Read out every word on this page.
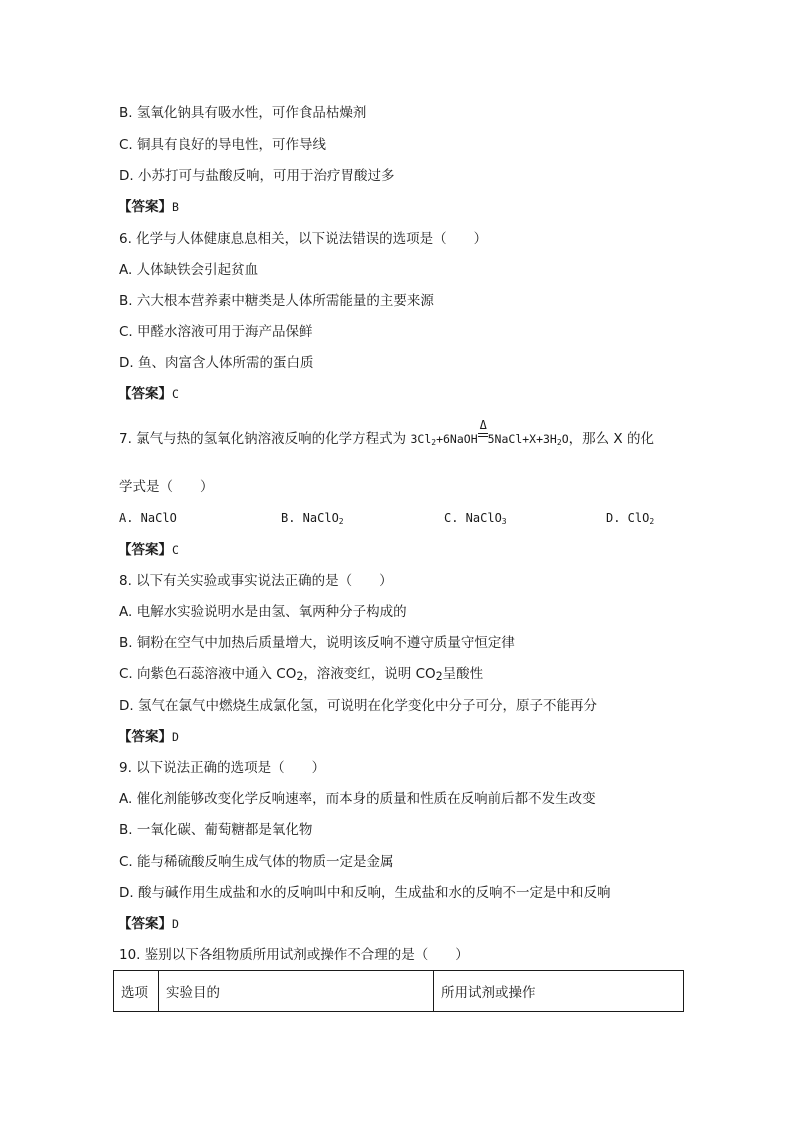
B. 氢氧化钠具有吸水性，可作食品枯燥剂
C. 铜具有良好的导电性，可作导线
D. 小苏打可与盐酸反响，可用于治疗胃酸过多
【答案】B
6. 化学与人体健康息息相关，以下说法错误的选项是（　　）
A. 人体缺铁会引起贫血
B. 六大根本营养素中糖类是人体所需能量的主要来源
C. 甲醛水溶液可用于海产品保鲜
D. 鱼、肉富含人体所需的蛋白质
【答案】C
7. 氯气与热的氢氧化钠溶液反响的化学方程式为 $3Cl_2+6NaOH$
Δ
$5NaCl+X+3H_2O$，那么 X 的化
学式是（　　）
A. NaClO	B. NaClO$_2$	C. NaClO$_3$	D. ClO$_2$
【答案】C
8. 以下有关实验或事实说法正确的是（　　）
A. 电解水实验说明水是由氢、氧两种分子构成的
B. 铜粉在空气中加热后质量增大，说明该反响不遵守质量守恒定律
C. 向紫色石蕊溶液中通入 $CO_2$，溶液变红，说明 $CO_2$呈酸性
D. 氢气在氯气中燃烧生成氯化氢，可说明在化学变化中分子可分，原子不能再分
【答案】D
9. 以下说法正确的选项是（　　）
A. 催化剂能够改变化学反响速率，而本身的质量和性质在反响前后都不发生改变
B. 一氧化碳、葡萄糖都是氧化物
C. 能与稀硫酸反响生成气体的物质一定是金属
D. 酸与碱作用生成盐和水的反响叫中和反响，生成盐和水的反响不一定是中和反响
【答案】D
10. 鉴别以下各组物质所用试剂或操作不合理的是（　　）
选项	实验目的	所用试剂或操作
